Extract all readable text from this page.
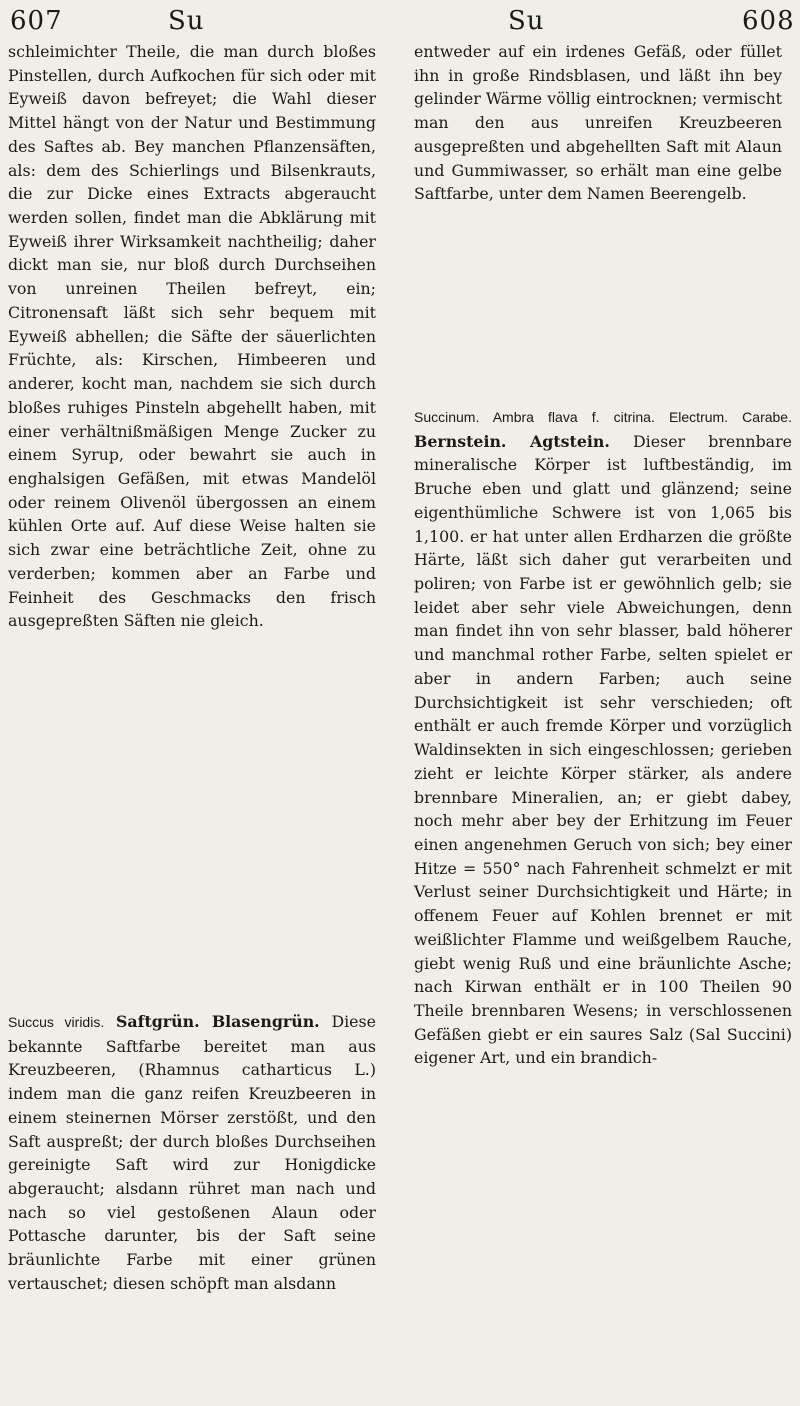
607	Su	Su	608

schleimichter Theile, die man durch bloßes Pinstellen, durch Aufkochen für sich oder mit Eyweiß davon befreyet; die Wahl dieser Mittel hängt von der Natur und Bestimmung des Saftes ab. Bey manchen Pflanzensäften, als: dem des Schierlings und Bilsenkrauts, die zur Dicke eines Extracts abgeraucht werden sollen, findet man die Abklärung mit Eyweiß ihrer Wirksamkeit nachtheilig; daher dickt man sie, nur bloß durch Durchseihen von unreinen Theilen befreyt, ein; Citronensaft läßt sich sehr bequem mit Eyweiß abhellen; die Säfte der säuerlichten Früchte, als: Kirschen, Himbeeren und anderer, kocht man, nachdem sie sich durch bloßes ruhiges Pinsteln abgehellt haben, mit einer verhältnißmäßigen Menge Zucker zu einem Syrup, oder bewahrt sie auch in enghalsigen Gefäßen, mit etwas Mandelöl oder reinem Olivenöl übergossen an einem kühlen Orte auf. Auf diese Weise halten sie sich zwar eine beträchtliche Zeit, ohne zu verderben; kommen aber an Farbe und Feinheit des Geschmacks den frisch ausgepreßten Säften nie gleich.

Succus viridis. Saftgrün. Blasengrün. Diese bekannte Saftfarbe bereitet man aus Kreuzbeeren, (Rhamnus catharticus L.) indem man die ganz reifen Kreuzbeeren in einem steinernen Mörser zerstößt, und den Saft auspreßt; der durch bloßes Durchseihen gereinigte Saft wird zur Honigdicke abgeraucht; alsdann rühret man nach und nach so viel gestoßenen Alaun oder Pottasche darunter, bis der Saft seine bräunlichte Farbe mit einer grünen vertauschet; diesen schöpft man alsdann

entweder auf ein irdenes Gefäß, oder füllet ihn in große Rindsblasen, und läßt ihn bey gelinder Wärme völlig eintrocknen; vermischt man den aus unreifen Kreuzbeeren ausgepreßten und abgehellten Saft mit Alaun und Gummiwasser, so erhält man eine gelbe Saftfarbe, unter dem Namen Beerengelb.

Succinum. Ambra flava f. citrina. Electrum. Carabe. Bernstein. Agtstein. Dieser brennbare mineralische Körper ist luftbeständig, im Bruche eben und glatt und glänzend; seine eigenthümliche Schwere ist von 1,065 bis 1,100. er hat unter allen Erdharzen die größte Härte, läßt sich daher gut verarbeiten und poliren; von Farbe ist er gewöhnlich gelb; sie leidet aber sehr viele Abweichungen, denn man findet ihn von sehr blasser, bald höherer und manchmal rother Farbe, selten spielet er aber in andern Farben; auch seine Durchsichtigkeit ist sehr verschieden; oft enthält er auch fremde Körper und vorzüglich Waldinsekten in sich eingeschlossen; gerieben zieht er leichte Körper stärker, als andere brennbare Mineralien, an; er giebt dabey, noch mehr aber bey der Erhitzung im Feuer einen angenehmen Geruch von sich; bey einer Hitze = 550° nach Fahrenheit schmelzt er mit Verlust seiner Durchsichtigkeit und Härte; in offenem Feuer auf Kohlen brennet er mit weißlichter Flamme und weißgelbem Rauche, giebt wenig Ruß und eine bräunlichte Asche; nach Kirwan enthält er in 100 Theilen 90 Theile brennbaren Wesens; in verschlossenen Gefäßen giebt er ein saures Salz (Sal Succini) eigener Art, und ein brandich-
